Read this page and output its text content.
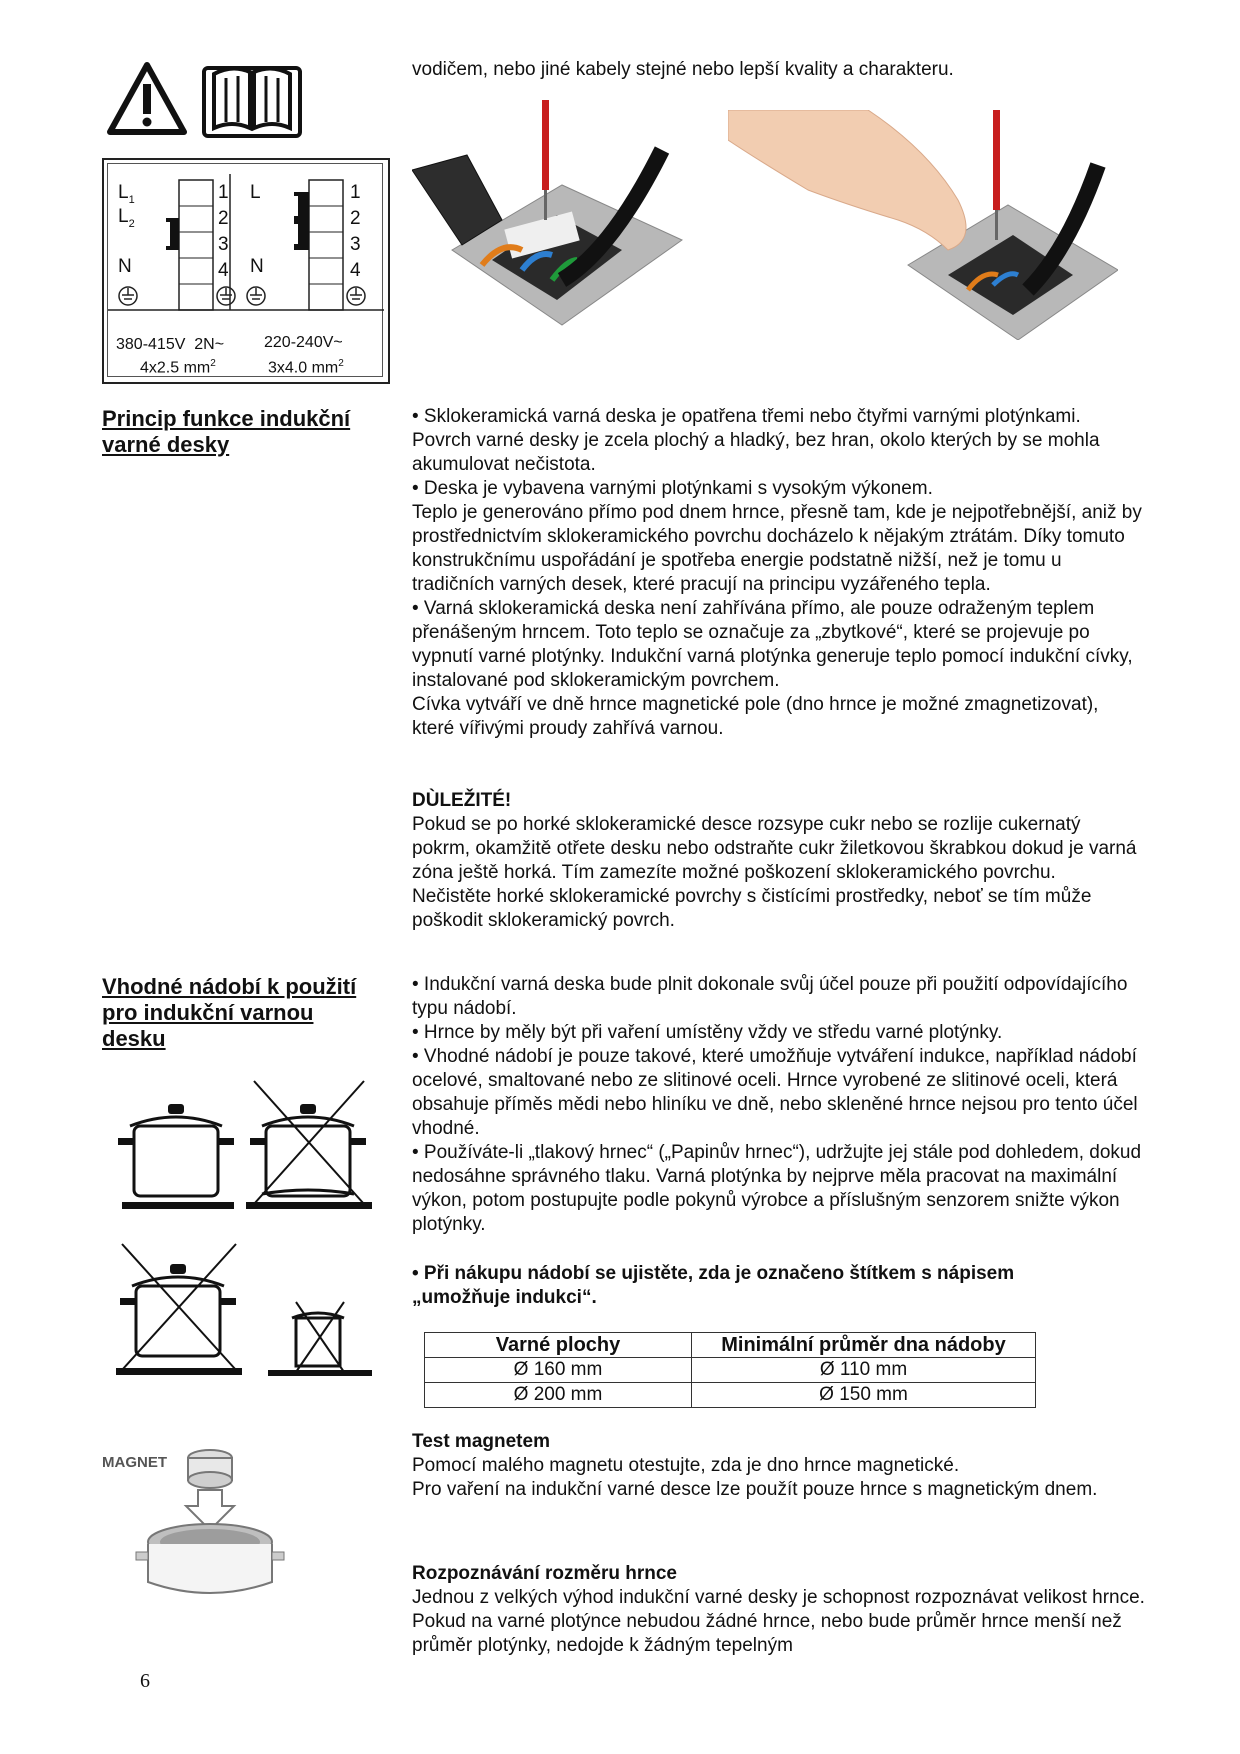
vodičem, nebo jiné kabely stejné nebo lepší kvality a charakteru.
$L_1$
$L_2$
N
1
2
3
4
L
N
1
2
3
4
380-415V  2N~
4x2.5 $mm^2$
220-240V~
3x4.0 $mm^2$
Princip funkce indukční
varné desky

• Sklokeramická varná deska je opatřena třemi nebo čtyřmi varnými plotýnkami. Povrch varné desky je zcela plochý a hladký, bez hran, okolo kterých by se mohla akumulovat nečistota.

• Deska je vybavena varnými plotýnkami s vysokým výkonem.

Teplo je generováno přímo pod dnem hrnce, přesně tam, kde je nejpotřebnější, aniž by prostřednictvím sklokeramického povrchu docházelo k nějakým ztrátám. Díky tomuto konstrukčnímu uspořádání je spotřeba energie podstatně nižší, než je tomu u tradičních varných desek, které pracují na principu vyzářeného tepla.

• Varná sklokeramická deska není zahřívána přímo, ale pouze odraženým teplem přenášeným hrncem. Toto teplo se označuje za „zbytkové“, které se projevuje po vypnutí varné plotýnky. Indukční varná plotýnka generuje teplo pomocí indukční cívky, instalované pod sklokeramickým povrchem.

Cívka vytváří ve dně hrnce magnetické pole (dno hrnce je možné zmagnetizovat), které vířivými proudy zahřívá varnou.

DÙLEŽITÉ!

Pokud se po horké sklokeramické desce rozsype cukr nebo se rozlije cukernatý pokrm, okamžitě otřete desku nebo odstraňte cukr žiletkovou škrabkou dokud je varná zóna ještě horká. Tím zamezíte možné poškození sklokeramického povrchu.

Nečistěte horké sklokeramické povrchy s čistícími prostředky, neboť se tím může poškodit sklokeramický povrch.

Vhodné nádobí k použití
pro indukční varnou
desku

• Indukční varná deska bude plnit dokonale svůj účel pouze při použití odpovídajícího typu nádobí.

• Hrnce by měly být při vaření umístěny vždy ve středu varné plotýnky.

• Vhodné nádobí je pouze takové, které umožňuje vytváření indukce, například nádobí ocelové, smaltované nebo ze slitinové oceli. Hrnce vyrobené ze slitinové oceli, která obsahuje příměs mědi nebo hliníku ve dně, nebo skleněné hrnce nejsou pro tento účel vhodné.

• Používáte-li „tlakový hrnec“ („Papinův hrnec“), udržujte jej stále pod dohledem, dokud nedosáhne správného tlaku. Varná plotýnka by nejprve měla pracovat na maximální výkon, potom postupujte podle pokynů výrobce a příslušným senzorem snižte výkon plotýnky.

• Při nákupu nádobí se ujistěte, zda je označeno štítkem s nápisem „umožňuje indukci“.
Varné plochy	Minimální průměr dna nádoby
Ø 160 mm	Ø 110 mm
Ø 200 mm	Ø 150 mm
MAGNET

Test magnetem

Pomocí malého magnetu otestujte, zda je dno hrnce magnetické.

Pro vaření na indukční varné desce lze použít pouze hrnce s magnetickým dnem.

Rozpoznávání rozměru hrnce

Jednou z velkých výhod indukční varné desky je schopnost rozpoznávat velikost hrnce. Pokud na varné plotýnce nebudou žádné hrnce, nebo bude průměr hrnce menší než průměr plotýnky, nedojde k žádným tepelným

6
